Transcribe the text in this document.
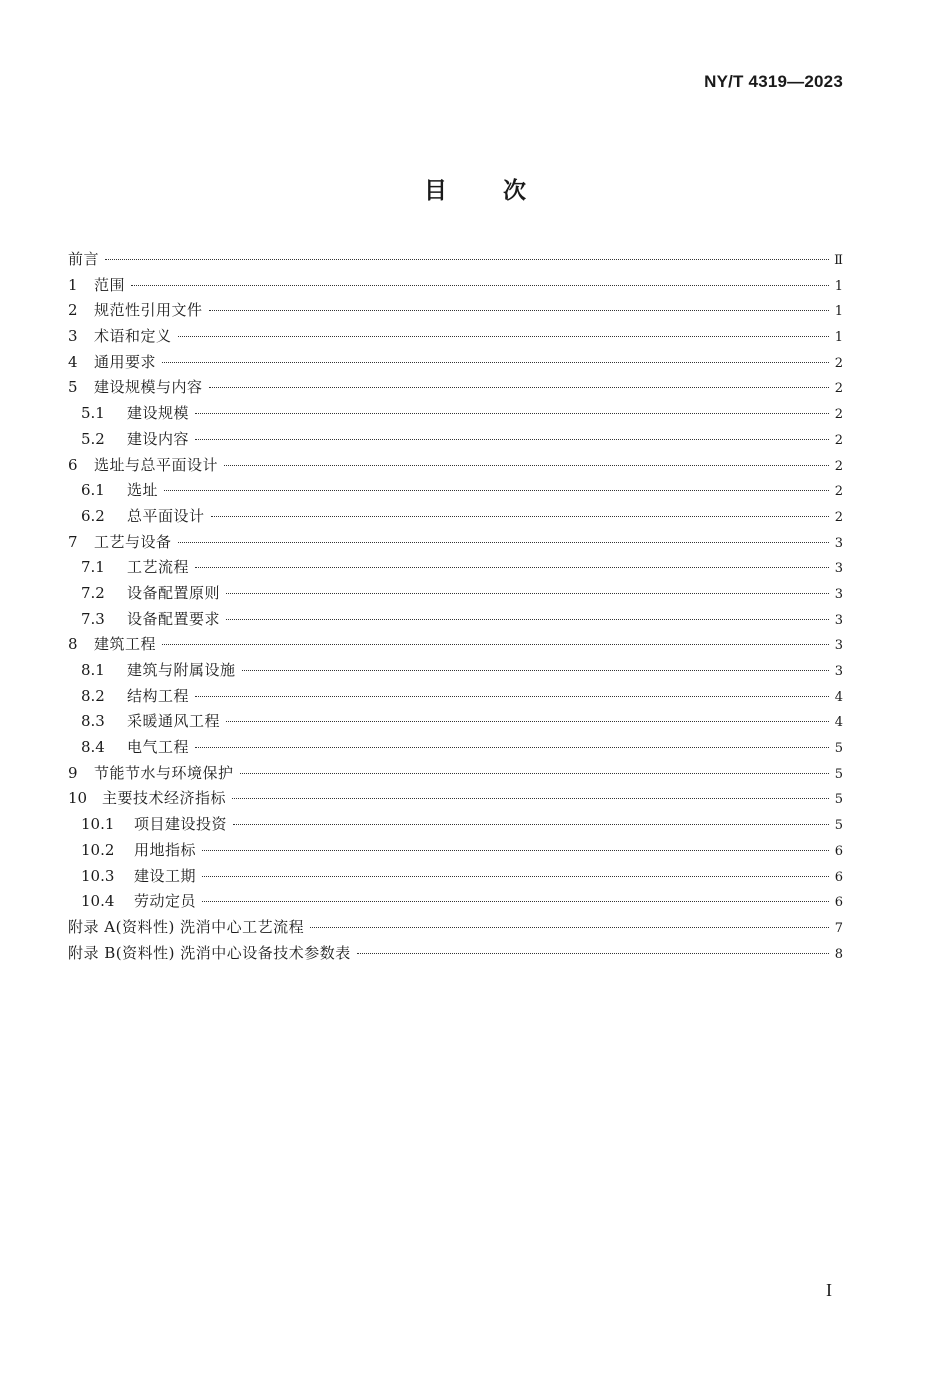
NY/T 4319—2023
目 次
前言	Ⅱ
1	范围	1
2	规范性引用文件	1
3	术语和定义	1
4	通用要求	2
5	建设规模与内容	2
5.1	建设规模	2
5.2	建设内容	2
6	选址与总平面设计	2
6.1	选址	2
6.2	总平面设计	2
7	工艺与设备	3
7.1	工艺流程	3
7.2	设备配置原则	3
7.3	设备配置要求	3
8	建筑工程	3
8.1	建筑与附属设施	3
8.2	结构工程	4
8.3	采暖通风工程	4
8.4	电气工程	5
9	节能节水与环境保护	5
10 主要技术经济指标	5
10.1	项目建设投资	5
10.2	用地指标	6
10.3	建设工期	6
10.4	劳动定员	6
附录 A(资料性) 洗消中心工艺流程	7
附录 B(资料性) 洗消中心设备技术参数表	8
I
